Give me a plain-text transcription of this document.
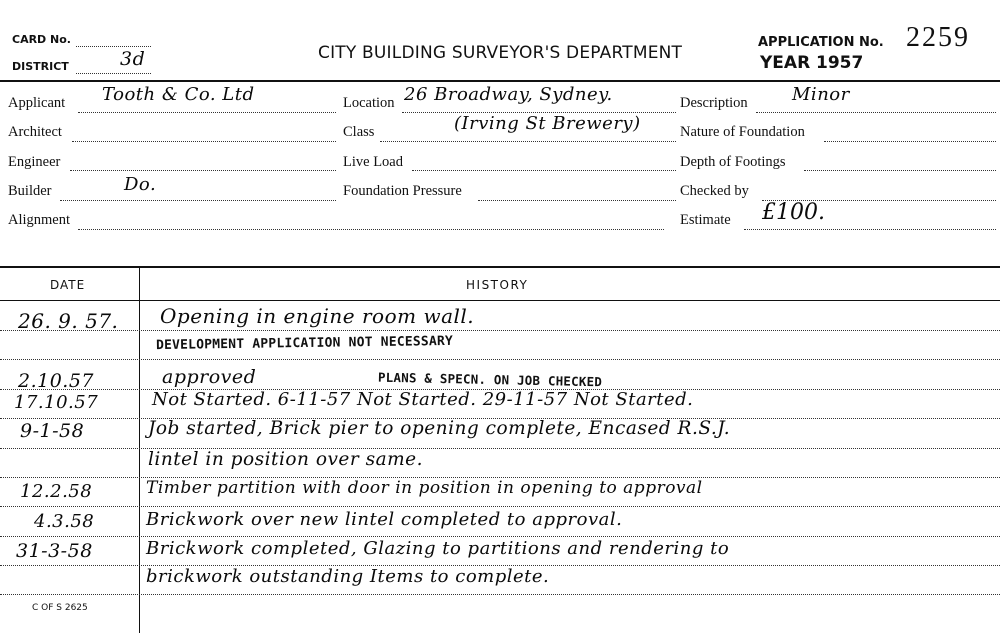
CARD No.
DISTRICT	3d	CITY BUILDING SURVEYOR'S DEPARTMENT
APPLICATION No. 2259
YEAR 1957
Applicant Tooth & Co. Ltd
Architect
Engineer
Builder	Do.
Alignment
Location 26 Broadway, Sydney.
Class	(Irving St Brewery)
Live Load
Foundation Pressure
Description Minor
Nature of Foundation
Depth of Footings
Checked by
Estimate £100.
DATE	HISTORY
26. 9. 57. Opening in engine room wall.
DEVELOPMENT APPLICATION NOT NECESSARY
2.10.57	approved	PLANS & SPECN. ON JOB CHECKED
17.10.57	Not Started. 6-11-57 Not Started. 29-11-57 Not Started.
9-1-58	Job started, Brick pier to opening complete, Encased R.S.J.
lintel in position over same.
12.2.58	Timber partition with door in position in opening to approval
4.3.58	Brickwork over new lintel completed to approval.
31-3-58	Brickwork completed, Glazing to partitions and rendering to
brickwork outstanding Items to complete.
C OF S 2625
